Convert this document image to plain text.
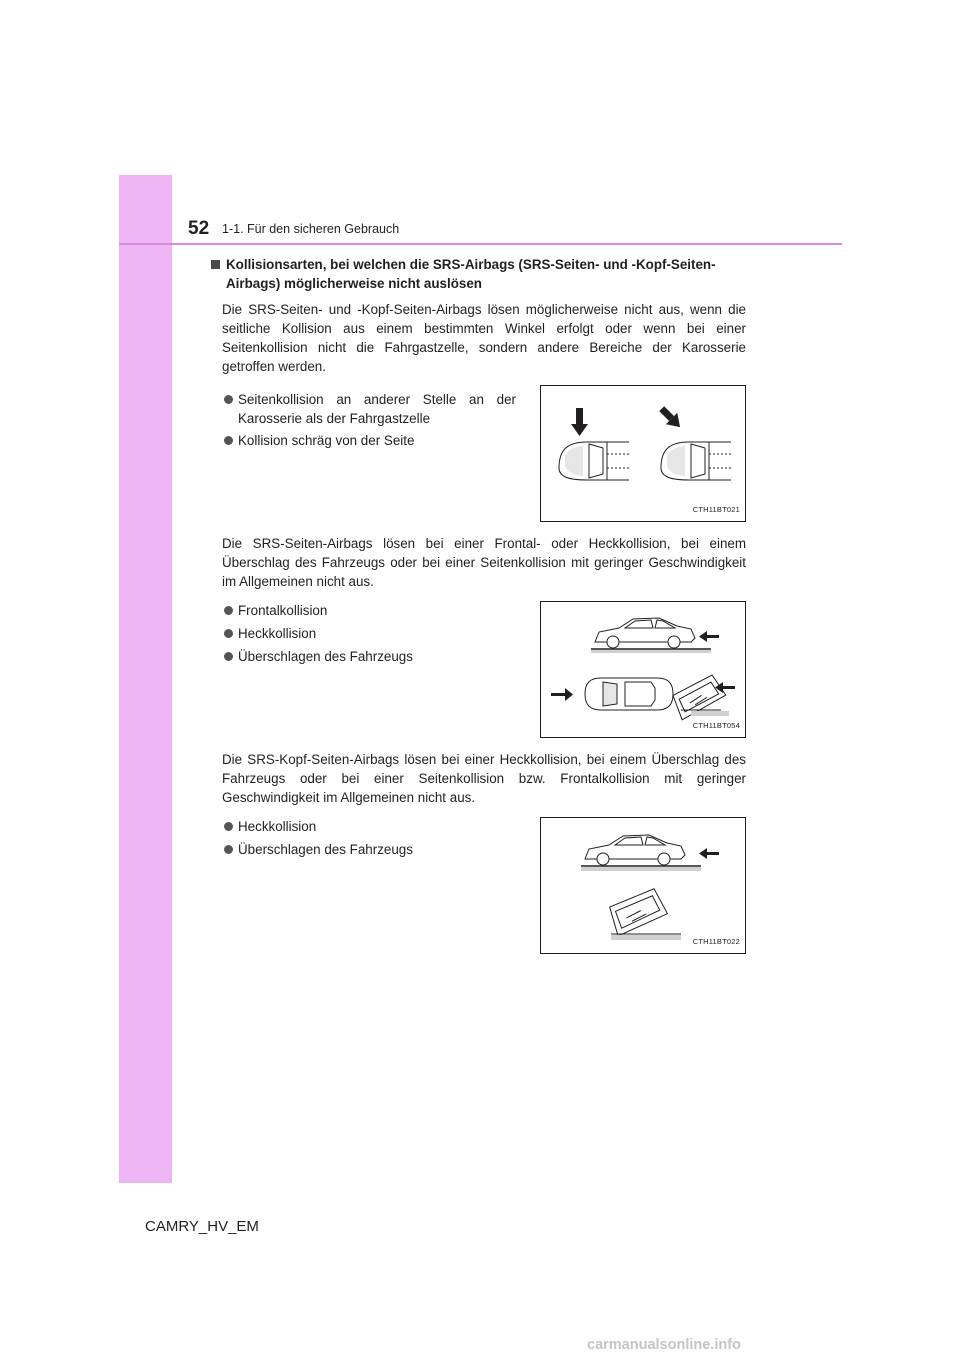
52 1-1. Für den sicheren Gebrauch

Kollisionsarten, bei welchen die SRS-Airbags (SRS-Seiten- und -Kopf-Seiten-Airbags) möglicherweise nicht auslösen

Die SRS-Seiten- und -Kopf-Seiten-Airbags lösen möglicherweise nicht aus, wenn die seitliche Kollision aus einem bestimmten Winkel erfolgt oder wenn bei einer Seitenkollision nicht die Fahrgastzelle, sondern andere Bereiche der Karosserie getroffen werden.

Seitenkollision an anderer Stelle an der Karosserie als der Fahrgastzelle
Kollision schräg von der Seite
CTH11BT021

Die SRS-Seiten-Airbags lösen bei einer Frontal- oder Heckkollision, bei einem Überschlag des Fahrzeugs oder bei einer Seitenkollision mit geringer Geschwindigkeit im Allgemeinen nicht aus.

Frontalkollision
Heckkollision
Überschlagen des Fahrzeugs
CTH11BT054

Die SRS-Kopf-Seiten-Airbags lösen bei einer Heckkollision, bei einem Überschlag des Fahrzeugs oder bei einer Seitenkollision bzw. Frontalkollision mit geringer Geschwindigkeit im Allgemeinen nicht aus.

Heckkollision
Überschlagen des Fahrzeugs
CTH11BT022

CAMRY_HV_EM

carmanualsonline.info
